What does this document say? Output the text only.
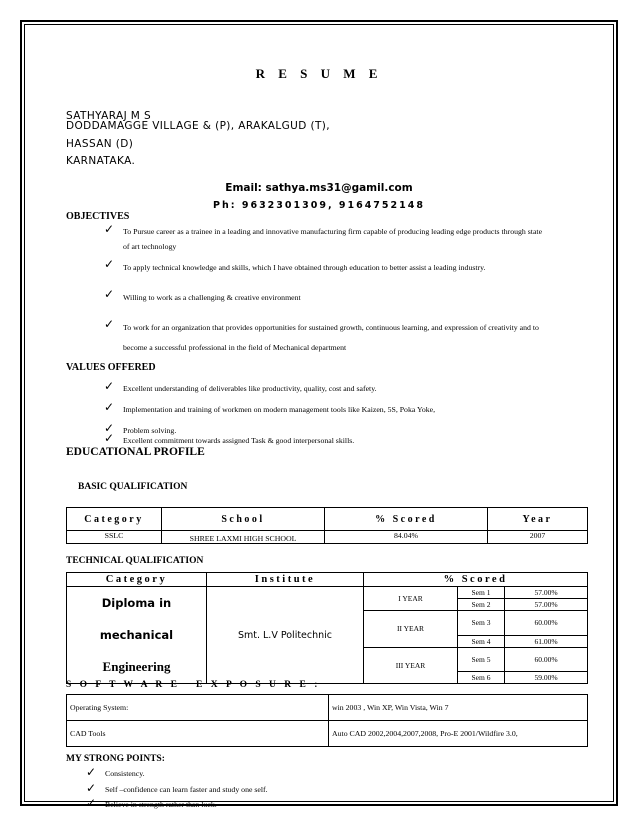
R E S U M E
SATHYARAJ M S
DODDAMAGGE VILLAGE & (P), ARAKALGUD (T),
HASSAN (D)
KARNATAKA.
Email: sathya.ms31@gamil.com
Ph: 9632301309, 9164752148
OBJECTIVES
✓ To Pursue career as a trainee in a leading and innovative manufacturing firm capable of producing leading edge products through state
of art technology
✓ To apply technical knowledge and skills, which I have obtained through education to better assist a leading industry.
✓ Willing to work as a challenging & creative environment
✓ To work for an organization that provides opportunities for sustained growth, continuous learning, and expression of creativity and to
become a successful professional in the field of Mechanical department
VALUES OFFERED
✓ Excellent understanding of deliverables like productivity, quality, cost and safety.
✓ Implementation and training of workmen on modern management tools like Kaizen, 5S, Poka Yoke,
✓ Problem solving.
✓ Excellent commitment towards assigned Task & good interpersonal skills.
EDUCATIONAL PROFILE
BASIC QUALIFICATION
Category	School	% Scored	Year
SSLC	SHREE LAXMI HIGH SCHOOL	84.04%	2007
TECHNICAL QUALIFICATION
Category	Institute	% Scored		

Diploma in mechanical
Engineering	Smt. L.V Politechnic	I YEAR	Sem 1	57.00%
			Sem 2	57.00%
		II YEAR	Sem 3	60.00%
			Sem 4	61.00%
		III YEAR	Sem 5	60.00%
			Sem 6	59.00%
S O F T W A R E   E X P O S U R E :
Operating System:	win 2003 , Win XP, Win Vista, Win 7
CAD Tools	Auto CAD 2002,2004,2007,2008, Pro-E 2001/Wildfire 3.0,
MY STRONG POINTS:
✓ Consistency.
✓ Self –confidence can learn faster and study one self.
✓ Believe in strength rather than luck.
